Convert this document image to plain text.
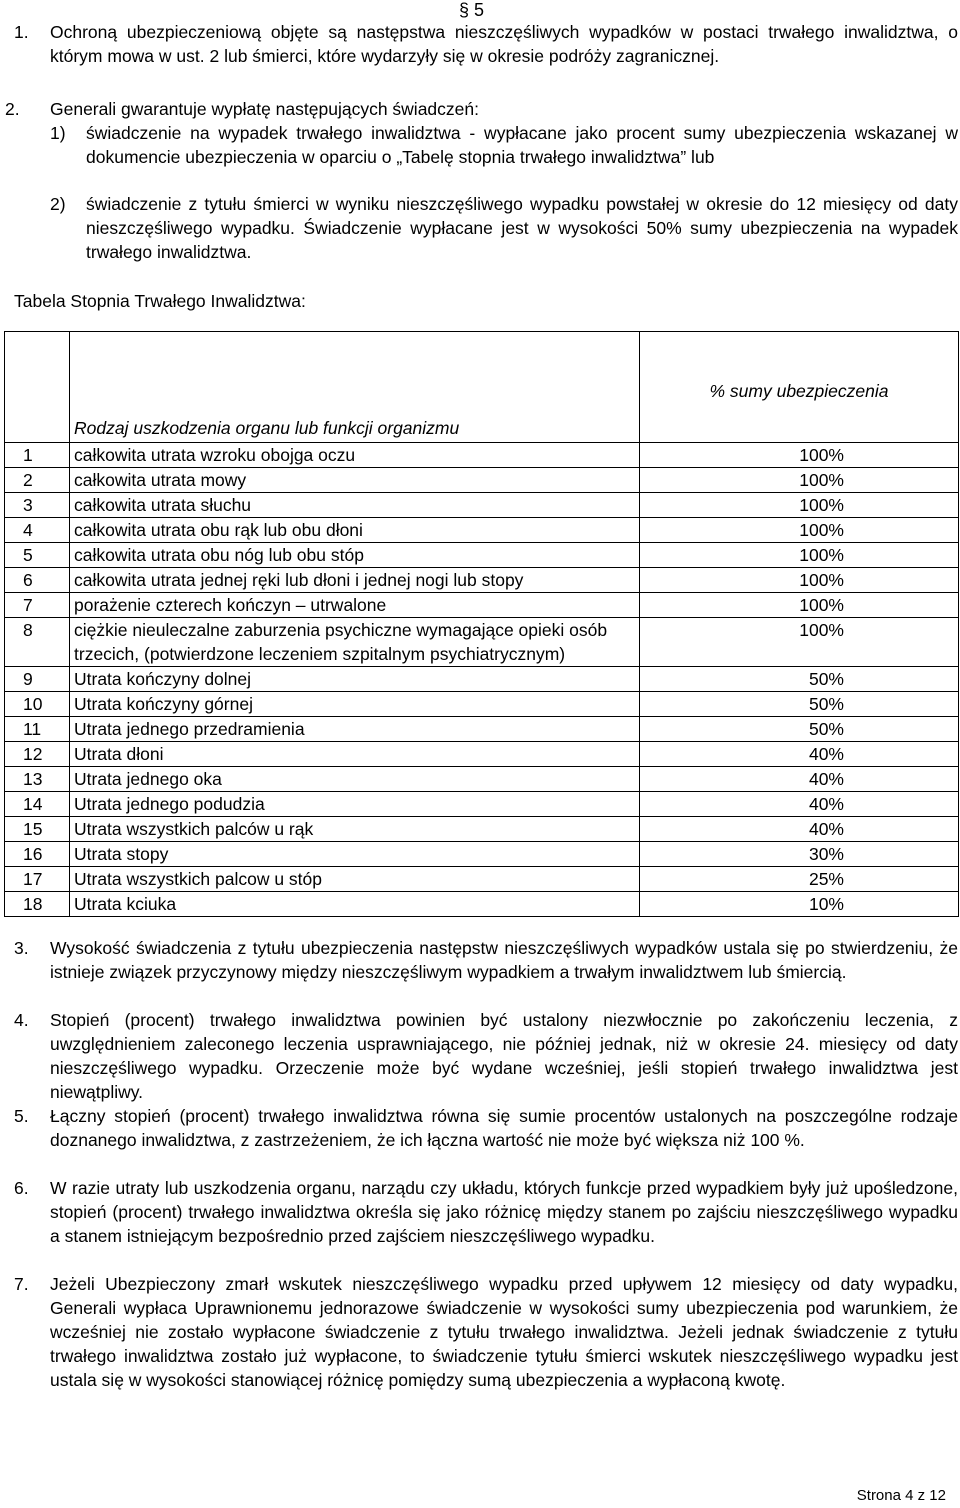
§ 5
1. Ochroną ubezpieczeniową objęte są następstwa nieszczęśliwych wypadków w postaci trwałego inwalidztwa, o którym mowa w ust. 2 lub śmierci, które wydarzyły się w okresie podróży zagranicznej.
2. Generali gwarantuje wypłatę następujących świadczeń:
1) świadczenie na wypadek trwałego inwalidztwa - wypłacane jako procent sumy ubezpieczenia wskazanej w dokumencie ubezpieczenia w oparciu o „Tabelę stopnia trwałego inwalidztwa” lub
2) świadczenie z tytułu śmierci w wyniku nieszczęśliwego wypadku powstałej w okresie do 12 miesięcy od daty nieszczęśliwego wypadku. Świadczenie wypłacane jest w wysokości 50% sumy ubezpieczenia na wypadek trwałego inwalidztwa.
Tabela Stopnia Trwałego Inwalidztwa:
	Rodzaj uszkodzenia organu lub funkcji organizmu	% sumy ubezpieczenia
1	całkowita utrata wzroku obojga oczu	100%
2	całkowita utrata mowy	100%
3	całkowita utrata słuchu	100%
4	całkowita utrata obu rąk lub obu dłoni	100%
5	całkowita utrata obu nóg lub obu stóp	100%
6	całkowita utrata jednej ręki lub dłoni i jednej nogi lub stopy	100%
7	porażenie czterech kończyn – utrwalone	100%
8	ciężkie nieuleczalne zaburzenia psychiczne wymagające opieki osób trzecich, (potwierdzone leczeniem szpitalnym psychiatrycznym)	100%
9	Utrata kończyny dolnej	50%
10	Utrata kończyny górnej	50%
11	Utrata jednego przedramienia	50%
12	Utrata dłoni	40%
13	Utrata jednego oka	40%
14	Utrata jednego podudzia	40%
15	Utrata wszystkich palców u rąk	40%
16	Utrata stopy	30%
17	Utrata wszystkich palcow u stóp	25%
18	Utrata kciuka	10%
3. Wysokość świadczenia z tytułu ubezpieczenia następstw nieszczęśliwych wypadków ustala się po stwierdzeniu, że istnieje związek przyczynowy między nieszczęśliwym wypadkiem a trwałym inwalidztwem lub śmiercią.
4. Stopień (procent) trwałego inwalidztwa powinien być ustalony niezwłocznie po zakończeniu leczenia, z uwzględnieniem zaleconego leczenia usprawniającego, nie później jednak, niż w okresie 24. miesięcy od daty nieszczęśliwego wypadku. Orzeczenie może być wydane wcześniej, jeśli stopień trwałego inwalidztwa jest niewątpliwy.
5. Łączny stopień (procent) trwałego inwalidztwa równa się sumie procentów ustalonych na poszczególne rodzaje doznanego inwalidztwa, z zastrzeżeniem, że ich łączna wartość nie może być większa niż 100 %.
6. W razie utraty lub uszkodzenia organu, narządu czy układu, których funkcje przed wypadkiem były już upośledzone, stopień (procent) trwałego inwalidztwa określa się jako różnicę między stanem po zajściu nieszczęśliwego wypadku a stanem istniejącym bezpośrednio przed zajściem nieszczęśliwego wypadku.
7. Jeżeli Ubezpieczony zmarł wskutek nieszczęśliwego wypadku przed upływem 12 miesięcy od daty wypadku, Generali wypłaca Uprawnionemu jednorazowe świadczenie w wysokości sumy ubezpieczenia pod warunkiem, że wcześniej nie zostało wypłacone świadczenie z tytułu trwałego inwalidztwa. Jeżeli jednak świadczenie z tytułu trwałego inwalidztwa zostało już wypłacone, to świadczenie tytułu śmierci wskutek nieszczęśliwego wypadku jest ustala się w wysokości stanowiącej różnicę pomiędzy sumą ubezpieczenia a wypłaconą kwotę.
Strona 4 z 12
